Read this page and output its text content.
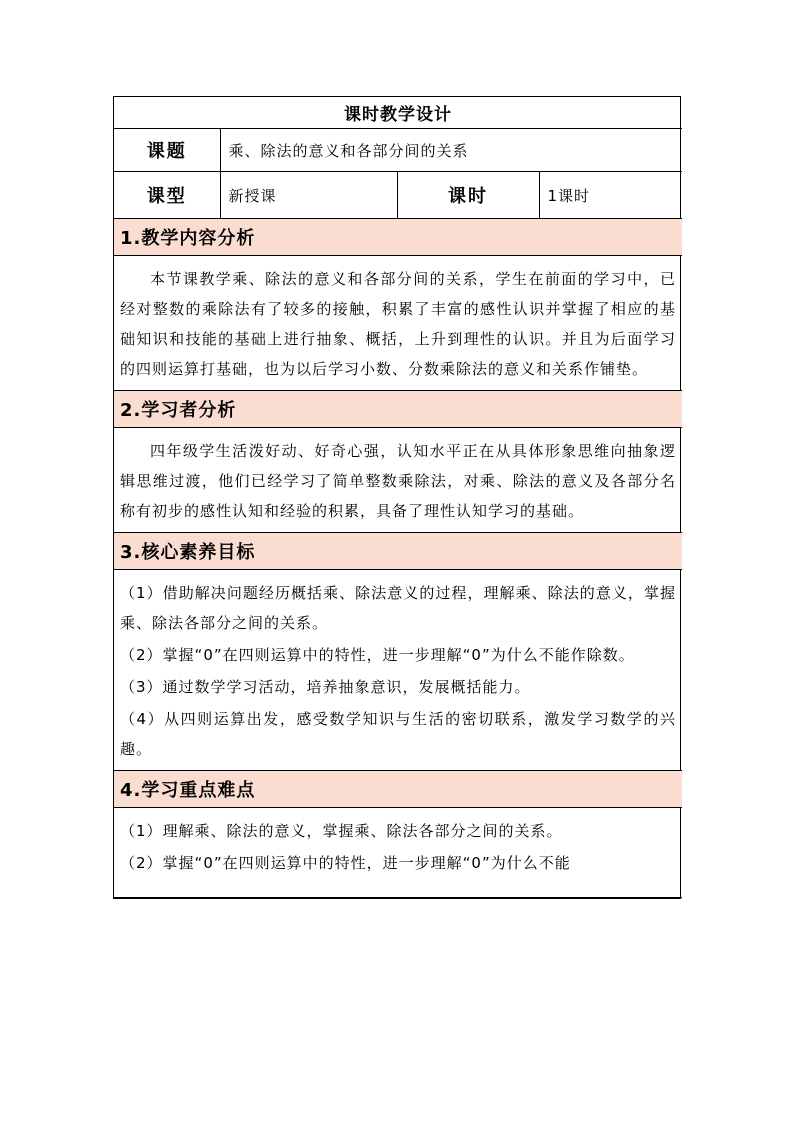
课时教学设计			
课题	乘、除法的意义和各部分间的关系		
课型	新授课	课时	1课时
1.教学内容分析			
本节课教学乘、除法的意义和各部分间的关系，学生在前面的学习中，已经对整数的乘除法有了较多的接触，积累了丰富的感性认识并掌握了相应的基础知识和技能的基础上进行抽象、概括，上升到理性的认识。并且为后面学习的四则运算打基础，也为以后学习小数、分数乘除法的意义和关系作铺垫。			
2.学习者分析			
四年级学生活泼好动、好奇心强，认知水平正在从具体形象思维向抽象逻辑思维过渡，他们已经学习了简单整数乘除法，对乘、除法的意义及各部分名称有初步的感性认知和经验的积累，具备了理性认知学习的基础。			
3.核心素养目标			

（1）借助解决问题经历概括乘、除法意义的过程，理解乘、除法的意义，掌握乘、除法各部分之间的关系。

（2）掌握“0”在四则运算中的特性，进一步理解“0”为什么不能作除数。

（3）通过数学学习活动，培养抽象意识，发展概括能力。

（4）从四则运算出发，感受数学知识与生活的密切联系，激发学习数学的兴趣。			

4.学习重点难点			

（1）理解乘、除法的意义，掌握乘、除法各部分之间的关系。

（2）掌握“0”在四则运算中的特性，进一步理解“0”为什么不能			
